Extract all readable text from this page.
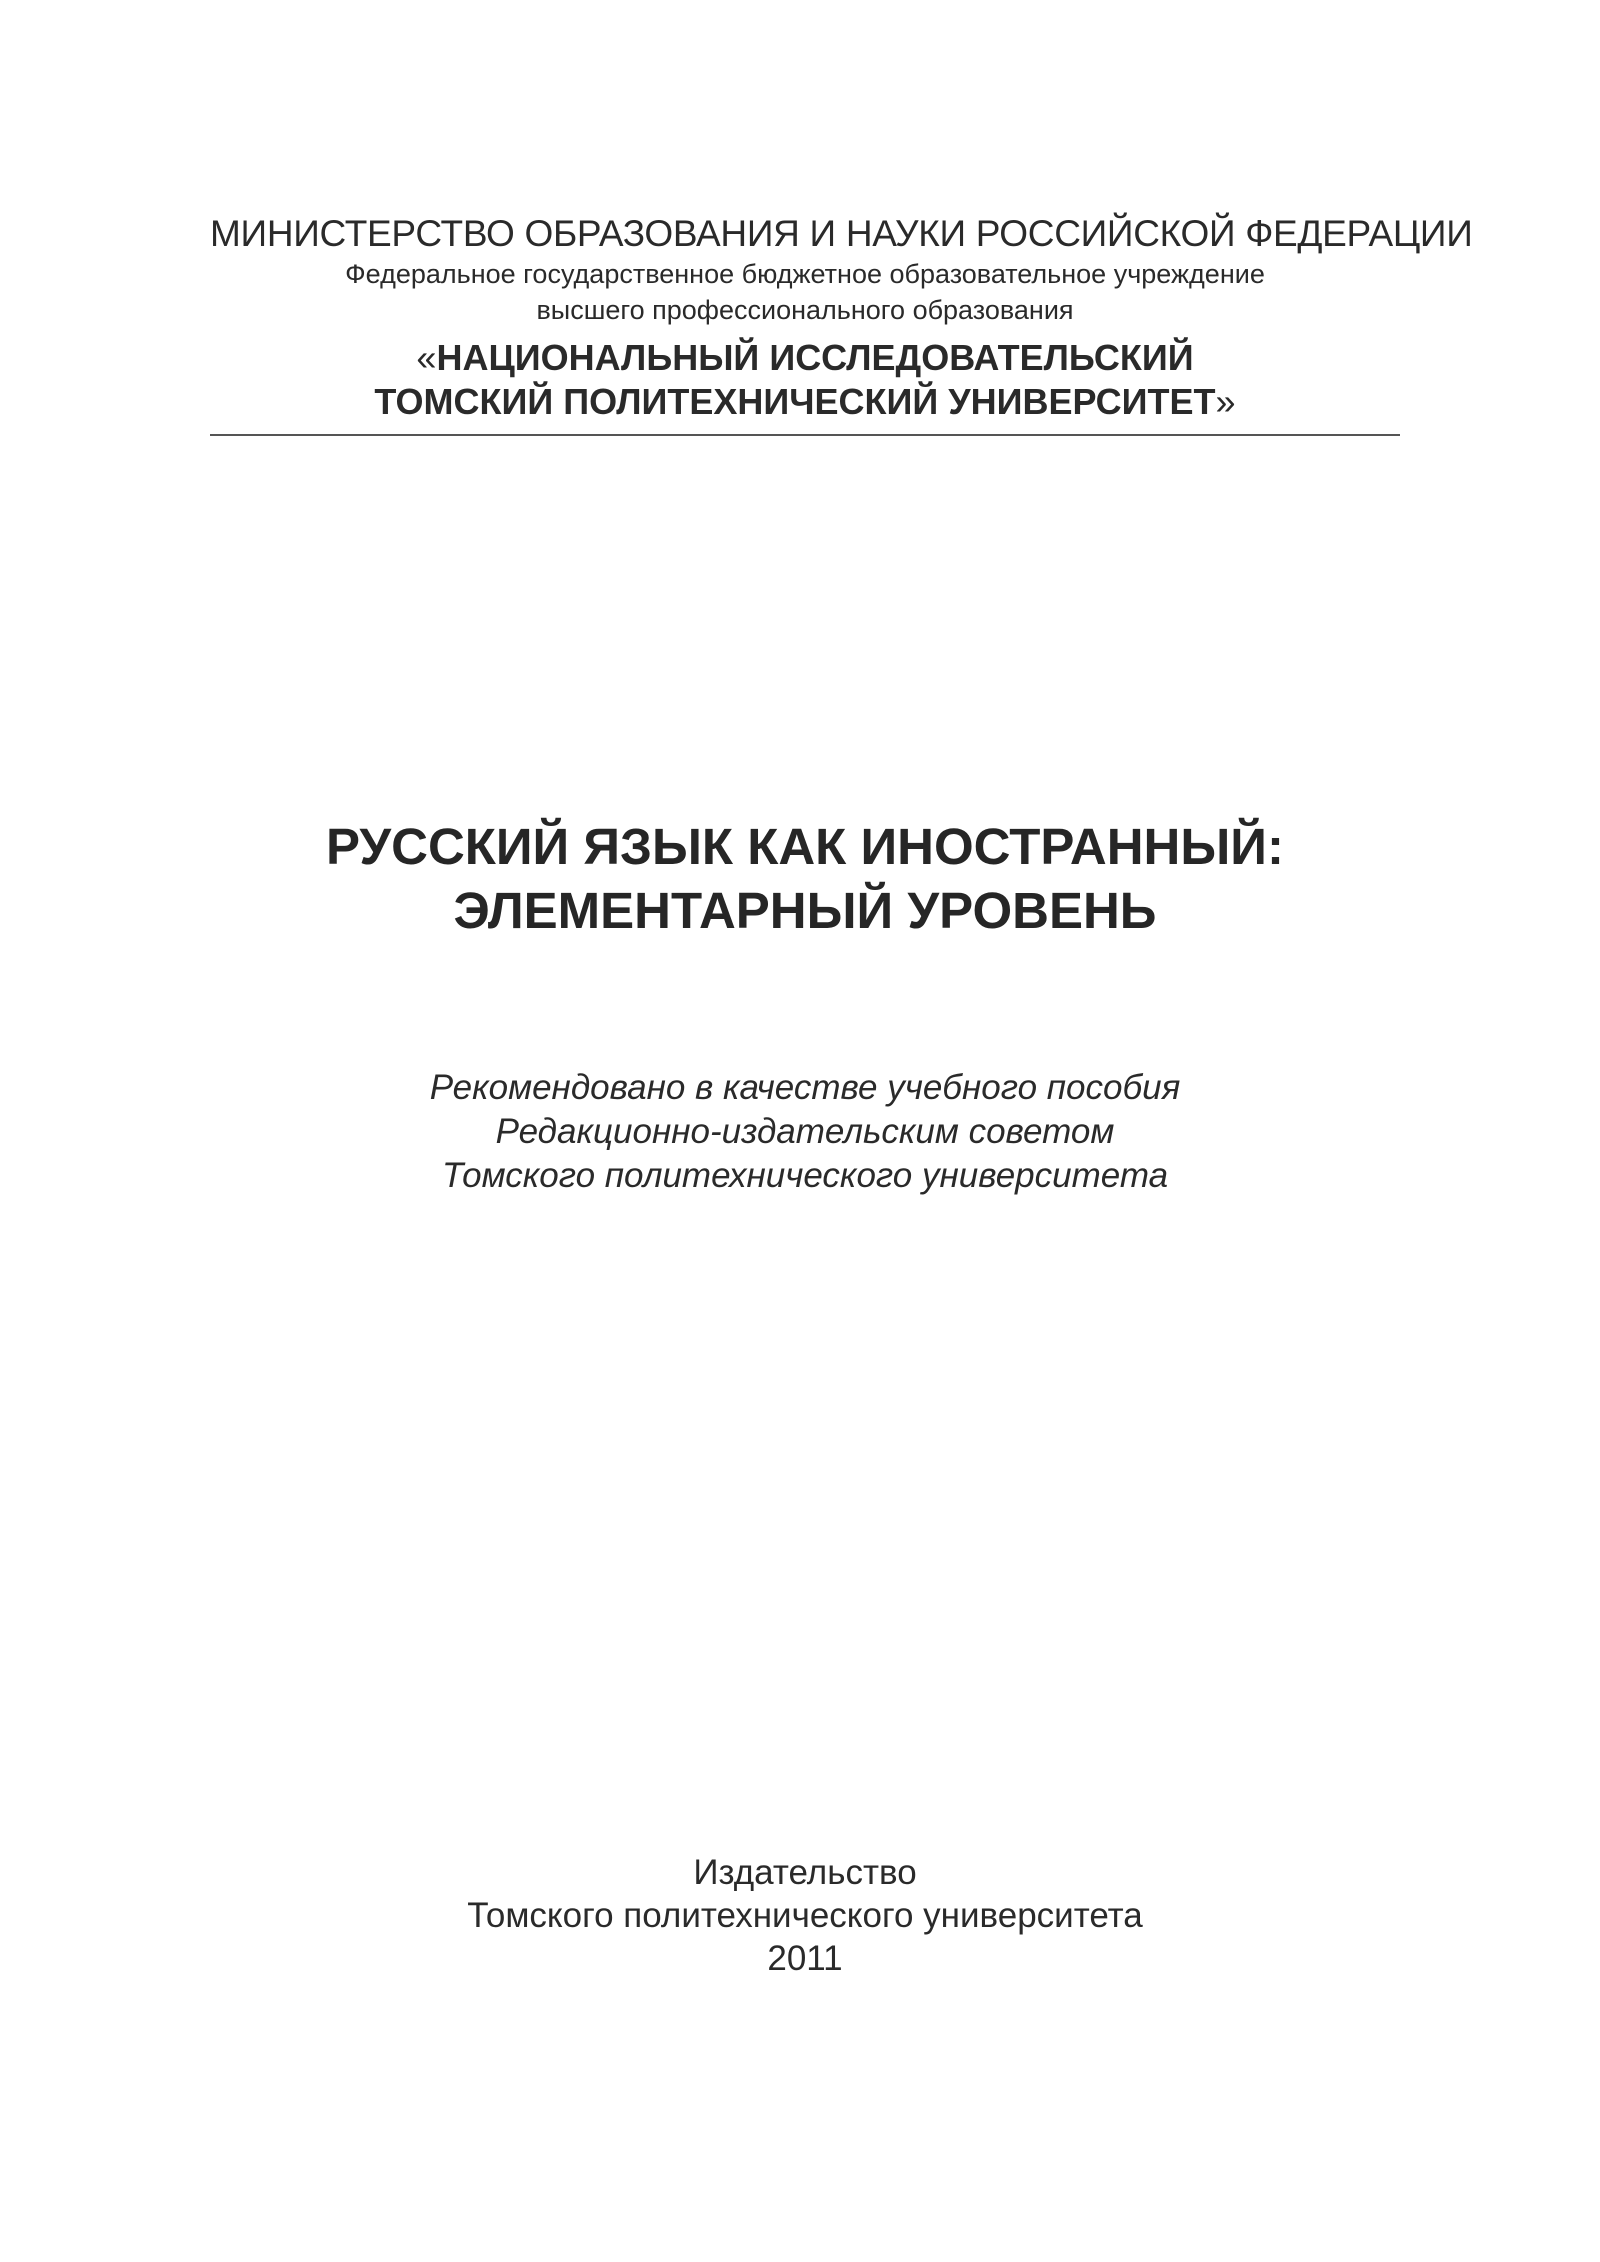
МИНИСТЕРСТВО ОБРАЗОВАНИЯ И НАУКИ РОССИЙСКОЙ ФЕДЕРАЦИИ
Федеральное государственное бюджетное образовательное учреждение
высшего профессионального образования
«НАЦИОНАЛЬНЫЙ ИССЛЕДОВАТЕЛЬСКИЙ
ТОМСКИЙ ПОЛИТЕХНИЧЕСКИЙ УНИВЕРСИТЕТ»
РУССКИЙ ЯЗЫК КАК ИНОСТРАННЫЙ:
ЭЛЕМЕНТАРНЫЙ УРОВЕНЬ
Рекомендовано в качестве учебного пособия
Редакционно-издательским советом
Томского политехнического университета
Издательство
Томского политехнического университета
2011
